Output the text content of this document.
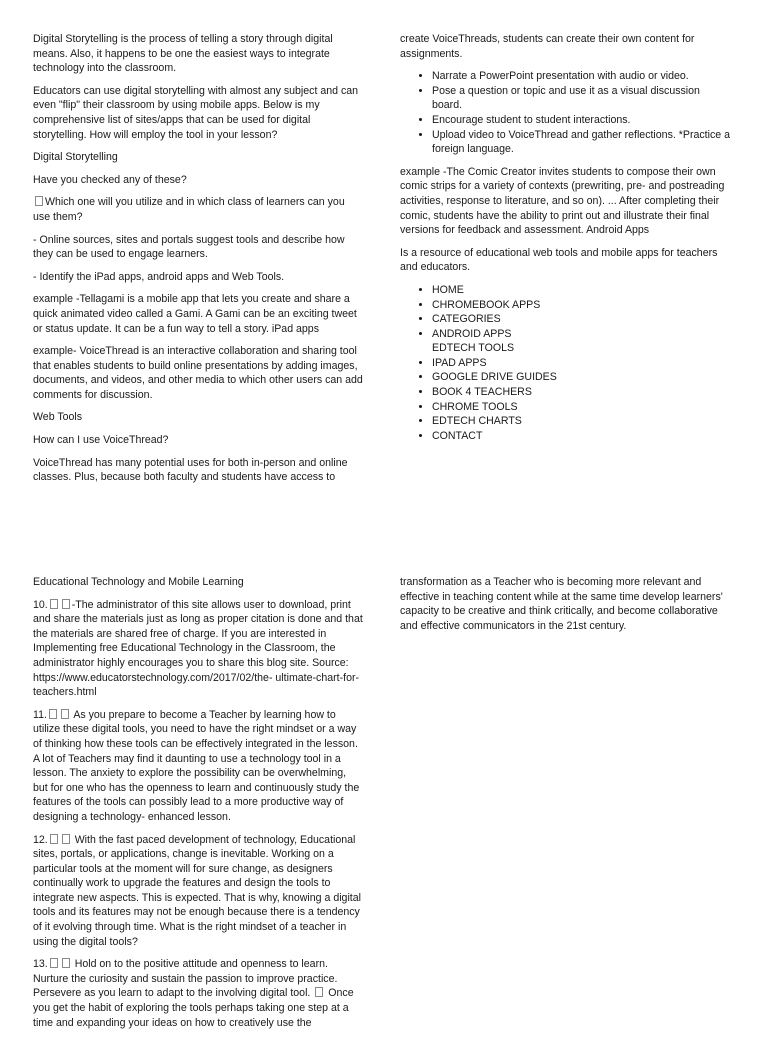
Digital Storytelling is the process of telling a story through digital means. Also, it happens to be one the easiest ways to integrate technology into the classroom.

Educators can use digital storytelling with almost any subject and can even "flip" their classroom by using mobile apps. Below is my comprehensive list of sites/apps that can be used for digital storytelling. How will employ the tool in your lesson?

Digital Storytelling

Have you checked any of these?

Which one will you utilize and in which class of learners can you use them?

- Online sources, sites and portals suggest tools and describe how they can be used to engage learners.

- Identify the iPad apps, android apps and Web Tools.

example -Tellagami is a mobile app that lets you create and share a quick animated video called a Gami. A Gami can be an exciting tweet or status update. It can be a fun way to tell a story. iPad apps

example- VoiceThread is an interactive collaboration and sharing tool that enables students to build online presentations by adding images, documents, and videos, and other media to which other users can add comments for discussion.

Web Tools

How can I use VoiceThread?

VoiceThread has many potential uses for both in-person and online classes. Plus, because both faculty and students have access to

create VoiceThreads, students can create their own content for assignments.

• Narrate a PowerPoint presentation with audio or video.
• Pose a question or topic and use it as a visual discussion board.
• Encourage student to student interactions.
• Upload video to VoiceThread and gather reflections. *Practice a foreign language.

example -The Comic Creator invites students to compose their own comic strips for a variety of contexts (prewriting, pre- and postreading activities, response to literature, and so on). ... After completing their comic, students have the ability to print out and illustrate their final versions for feedback and assessment. Android Apps

Is a resource of educational web tools and mobile apps for teachers and educators.

• HOME
• CHROMEBOOK APPS
• CATEGORIES
• ANDROID APPS
EDTECH TOOLS
• IPAD APPS
• GOOGLE DRIVE GUIDES
• BOOK 4 TEACHERS
• CHROME TOOLS
• EDTECH CHARTS
• CONTACT

Educational Technology and Mobile Learning

10. -The administrator of this site allows user to download, print and share the materials just as long as proper citation is done and that the materials are shared free of charge. If you are interested in Implementing free Educational Technology in the Classroom, the administrator highly encourages you to share this blog site. Source: https://www.educatorstechnology.com/2017/02/the- ultimate-chart-for-teachers.html

11. As you prepare to become a Teacher by learning how to utilize these digital tools, you need to have the right mindset or a way of thinking how these tools can be effectively integrated in the lesson. A lot of Teachers may find it daunting to use a technology tool in a lesson. The anxiety to explore the possibility can be overwhelming, but for one who has the openness to learn and continuously study the features of the tools can possibly lead to a more productive way of designing a technology- enhanced lesson.

12.	With the fast paced development of technology, Educational sites, portals, or applications, change is inevitable. Working on a particular tools at the moment will for sure change, as designers continually work to upgrade the features and design the tools to integrate new aspects. This is expected. That is why, knowing a digital tools and its features may not be enough because there is a tendency of it evolving through time. What is the right mindset of a teacher in using the digital tools?

13.	Hold on to the positive attitude and openness to learn. Nurture the curiosity and sustain the passion to improve practice. Persevere as you learn to adapt to the involving digital tool. Once you get the habit of exploring the tools perhaps taking one step at a time and expanding your ideas on how to creatively use the

transformation as a Teacher who is becoming more relevant and effective in teaching content while at the same time develop learners' capacity to be creative and think critically, and become collaborative and effective communicators in the 21st century.
